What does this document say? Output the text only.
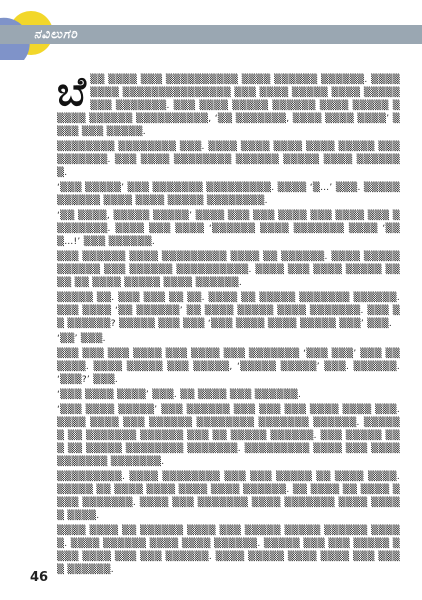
ನವಿಲುಗರಿ

ಬೆ ▒▒ ▒▒▒▒ ▒▒▒ ▒▒▒▒▒▒▒▒▒▒ ▒▒▒▒ ▒▒▒▒▒▒ ▒▒▒▒▒▒. ▒▒▒▒ ▒▒▒▒ ▒▒▒▒▒▒▒▒▒▒▒▒▒▒▒ ▒▒▒ ▒▒▒▒ ▒▒▒▒▒ ▒▒▒▒ ▒▒▒▒▒▒▒▒ ▒▒▒▒▒▒▒. ▒▒▒ ▒▒▒▒ ▒▒▒▒▒ ▒▒▒▒▒▒ ▒▒▒▒ ▒▒▒▒▒ ▒▒▒▒▒ ▒▒▒▒▒▒ ▒▒▒▒▒▒▒▒▒▒, ‘▒▒ ▒▒▒▒▒▒▒, ▒▒▒▒ ▒▒▒▒ ▒▒▒▒’ ▒▒▒▒ ▒▒▒ ▒▒▒▒▒.

▒▒▒▒▒▒▒▒ ▒▒▒▒▒▒▒▒ ▒▒▒. ▒▒▒▒ ▒▒▒▒ ▒▒▒▒ ▒▒▒▒ ▒▒▒▒▒ ▒▒▒▒▒▒▒▒▒▒. ▒▒▒ ▒▒▒▒ ▒▒▒▒▒▒▒▒ ▒▒▒▒▒▒ ▒▒▒▒▒ ▒▒▒▒ ▒▒▒▒▒▒▒.

‘▒▒▒ ▒▒▒▒▒’ ▒▒▒ ▒▒▒▒▒▒▒ ▒▒▒▒▒▒▒▒▒. ▒▒▒▒ ‘▒…’ ▒▒▒. ▒▒▒▒▒▒▒▒▒▒▒ ▒▒▒▒ ▒▒▒▒ ▒▒▒▒▒ ▒▒▒▒▒▒▒▒.

‘▒▒ ▒▒▒▒, ▒▒▒▒▒ ▒▒▒▒▒’ ▒▒▒▒ ▒▒▒ ▒▒▒ ▒▒▒▒ ▒▒▒ ▒▒▒▒ ▒▒▒ ▒▒▒▒▒▒▒▒. ▒▒▒▒ ▒▒▒ ▒▒▒▒ ‘▒▒▒▒▒▒ ▒▒▒▒ ▒▒▒▒▒▒▒ ▒▒▒▒ ‘▒▒▒…!’ ▒▒▒ ▒▒▒▒▒▒.

▒▒▒ ▒▒▒▒▒▒ ▒▒▒▒ ▒▒▒▒▒▒▒▒▒ ▒▒▒▒ ▒▒ ▒▒▒▒▒▒. ▒▒▒▒ ▒▒▒▒▒ ▒▒▒▒▒▒ ▒▒▒ ▒▒▒▒▒▒ ▒▒▒▒▒▒▒▒▒▒. ▒▒▒▒ ▒▒▒ ▒▒▒▒ ▒▒▒▒▒ ▒▒▒▒ ▒▒ ▒▒▒▒ ▒▒▒▒▒ ▒▒▒▒ ▒▒▒▒▒▒.

▒▒▒▒▒ ▒▒. ▒▒▒ ▒▒▒ ▒▒ ▒▒. ▒▒▒▒ ▒▒ ▒▒▒▒▒ ▒▒▒▒▒▒▒ ▒▒▒▒▒▒. ▒▒▒ ▒▒▒▒ ‘▒▒ ▒▒▒▒▒▒’ ▒▒ ▒▒▒▒ ▒▒▒▒▒ ▒▒▒▒ ▒▒▒▒▒▒▒. ▒▒▒ ▒▒ ▒▒▒▒▒▒? ▒▒▒▒▒ ▒▒▒ ▒▒▒ ‘▒▒▒ ▒▒▒▒ ▒▒▒▒ ▒▒▒▒▒ ▒▒▒’ ▒▒▒.

‘▒▒’ ▒▒▒.

▒▒▒ ▒▒▒ ▒▒▒ ▒▒▒▒ ▒▒▒ ▒▒▒▒ ▒▒▒ ▒▒▒▒▒▒▒ ‘▒▒▒ ▒▒▒’ ▒▒▒ ▒▒▒▒▒▒. ▒▒▒▒ ▒▒▒▒▒ ▒▒▒ ▒▒▒▒▒, ‘▒▒▒▒▒ ▒▒▒▒▒’ ▒▒▒. ▒▒▒▒▒▒. ‘▒▒▒?’ ▒▒▒.

‘▒▒▒ ▒▒▒▒ ▒▒▒▒’ ▒▒▒. ▒▒ ▒▒▒▒ ▒▒▒ ▒▒▒▒▒▒.

‘▒▒▒ ▒▒▒▒ ▒▒▒▒▒’ ▒▒▒ ▒▒▒▒▒▒ ▒▒▒ ▒▒▒ ▒▒▒ ▒▒▒▒ ▒▒▒▒ ▒▒▒. ▒▒▒▒ ▒▒▒▒ ▒▒▒ ▒▒▒▒▒▒ ▒▒▒▒▒▒▒▒ ▒▒▒▒▒▒▒ ▒▒▒▒▒▒. ▒▒▒▒▒▒ ▒▒ ▒▒▒▒▒▒▒ ▒▒▒▒▒▒ ▒▒▒ ▒▒ ▒▒▒▒▒ ▒▒▒▒▒▒. ▒▒▒ ▒▒▒▒▒ ▒▒▒ ▒▒ ▒▒▒▒▒ ▒▒▒▒▒▒▒▒ ▒▒▒▒▒▒▒. ▒▒▒▒▒▒▒▒▒ ▒▒▒▒ ▒▒▒ ▒▒▒▒ ▒▒▒▒▒▒▒ ▒▒▒▒▒▒▒.

▒▒▒▒▒▒▒▒▒. ▒▒▒▒ ▒▒▒▒▒▒▒▒ ▒▒▒ ▒▒▒ ▒▒▒▒▒ ▒▒ ▒▒▒▒ ▒▒▒▒. ▒▒▒▒▒ ▒▒ ▒▒▒▒ ▒▒▒▒ ▒▒▒▒ ▒▒▒▒ ▒▒▒▒▒▒. ▒▒ ▒▒▒▒ ▒▒ ▒▒▒▒ ▒▒▒▒ ▒▒▒▒▒▒▒. ▒▒▒▒ ▒▒▒ ▒▒▒▒▒▒▒ ▒▒▒▒ ▒▒▒▒▒▒▒ ▒▒▒▒ ▒▒▒▒▒ ▒▒▒▒.

▒▒▒▒ ▒▒▒▒ ▒▒ ▒▒▒▒▒▒ ▒▒▒▒ ▒▒▒ ▒▒▒▒▒ ▒▒▒▒▒ ▒▒▒▒▒▒ ▒▒▒▒▒. ▒▒▒▒ ▒▒▒▒▒▒ ▒▒▒▒ ▒▒▒▒ ▒▒▒▒▒▒. ▒▒▒▒▒ ▒▒▒ ▒▒▒ ▒▒▒▒▒ ▒▒▒▒ ▒▒▒▒ ▒▒▒ ▒▒▒ ▒▒▒▒▒▒. ▒▒▒▒ ▒▒▒▒▒ ▒▒▒▒ ▒▒▒▒ ▒▒▒ ▒▒▒▒ ▒▒▒▒▒▒.

46
